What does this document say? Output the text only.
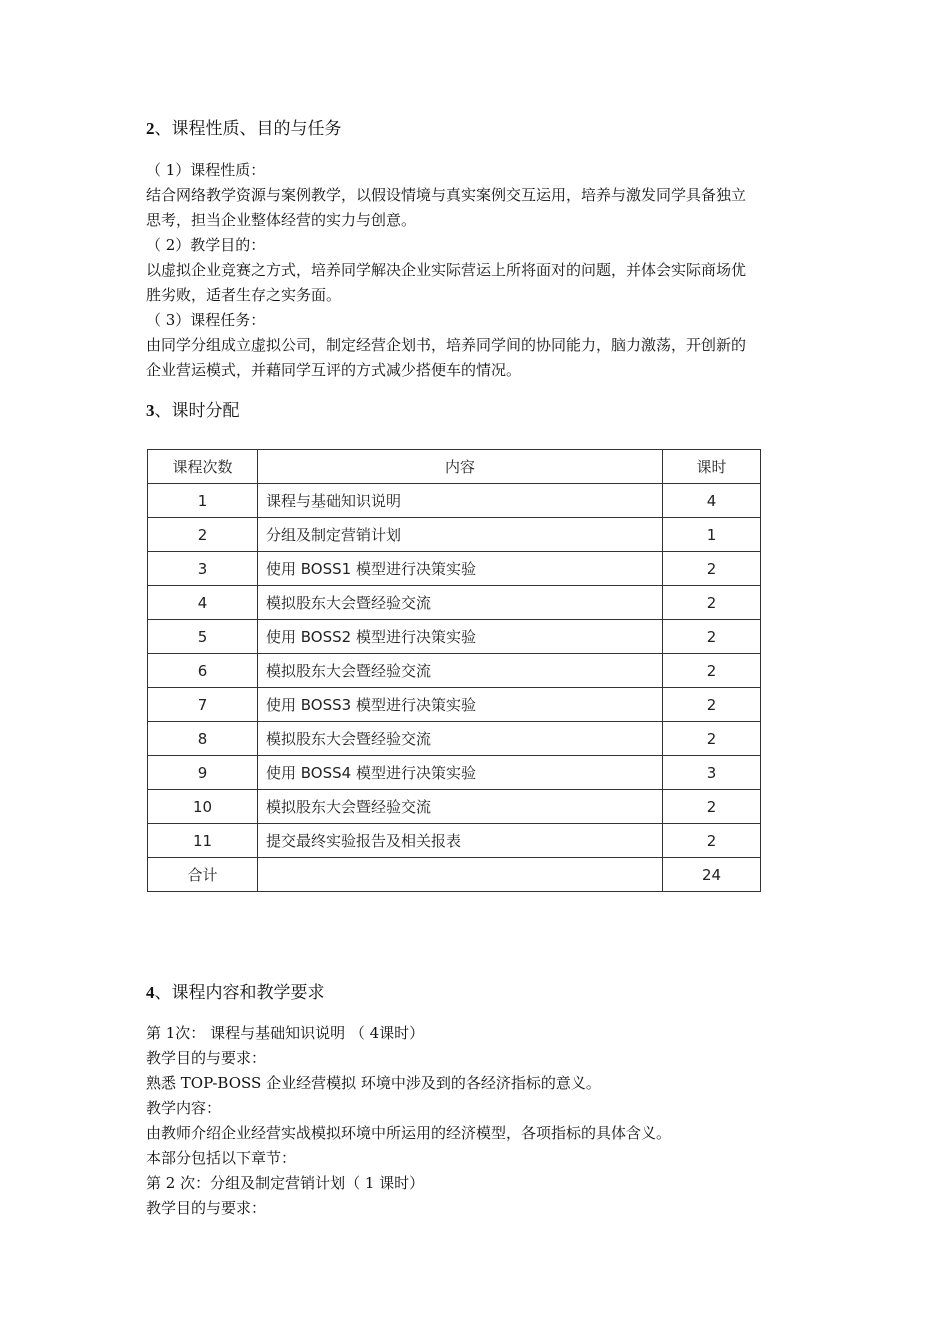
2、课程性质、目的与任务
（ 1）课程性质：
结合网络教学资源与案例教学，以假设情境与真实案例交互运用，培养与激发同学具备独立
思考，担当企业整体经营的实力与创意。
（ 2）教学目的：
以虚拟企业竞赛之方式，培养同学解决企业实际营运上所将面对的问题，并体会实际商场优
胜劣败，适者生存之实务面。
（ 3）课程任务：
由同学分组成立虚拟公司，制定经营企划书，培养同学间的协同能力，脑力激荡，开创新的
企业营运模式，并藉同学互评的方式减少搭便车的情况。
3、课时分配
课程次数	内容	课时
1	课程与基础知识说明	4
2	分组及制定营销计划	1
3	使用 BOSS1 模型进行决策实验	2
4	模拟股东大会暨经验交流	2
5	使用 BOSS2 模型进行决策实验	2
6	模拟股东大会暨经验交流	2
7	使用 BOSS3 模型进行决策实验	2
8	模拟股东大会暨经验交流	2
9	使用 BOSS4 模型进行决策实验	3
10	模拟股东大会暨经验交流	2
11	提交最终实验报告及相关报表	2
合计		24
4、课程内容和教学要求
第 1次： 课程与基础知识说明 （ 4课时）
教学目的与要求：
熟悉 TOP-BOSS 企业经营模拟 环境中涉及到的各经济指标的意义。
教学内容：
由教师介绍企业经营实战模拟环境中所运用的经济模型，各项指标的具体含义。
本部分包括以下章节：
第 2 次：分组及制定营销计划（ 1 课时）
教学目的与要求：
